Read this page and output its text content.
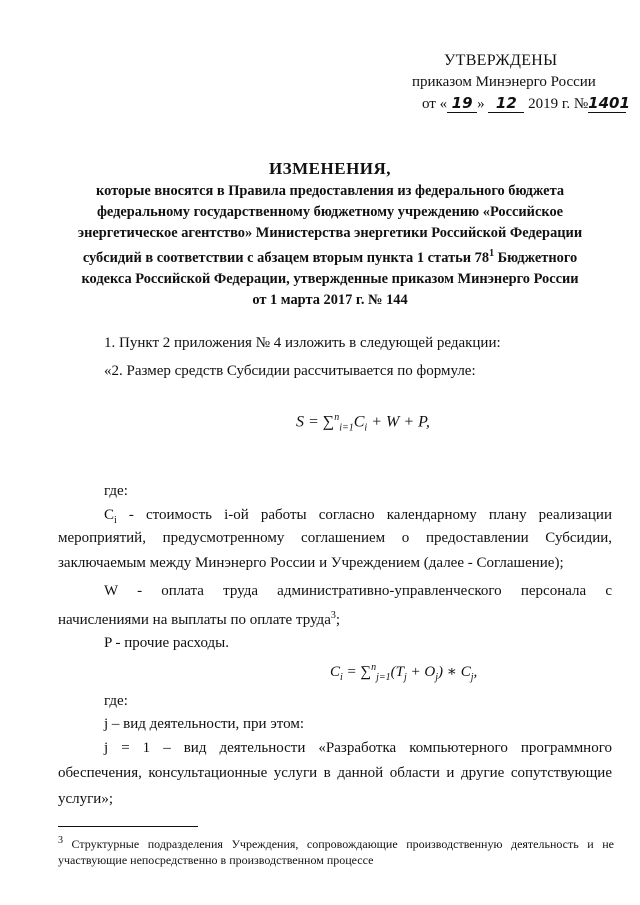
УТВЕРЖДЕНЫ
приказом Минэнерго России
от « 19 » 12 2019 г. №1401
ИЗМЕНЕНИЯ,
которые вносятся в Правила предоставления из федерального бюджета
федеральному государственному бюджетному учреждению «Российское
энергетическое агентство» Министерства энергетики Российской Федерации
субсидий в соответствии с абзацем вторым пункта 1 статьи $78^1$ Бюджетного
кодекса Российской Федерации, утвержденные приказом Минэнерго России
от 1 марта 2017 г. № 144
1. Пункт 2 приложения № 4 изложить в следующей редакции:
«2. Размер средств Субсидии рассчитывается по формуле:
$S = \sum^n_{i=1}C_i + W + P$,
где:
$C_i$ - стоимость i-ой работы согласно календарному плану реализации
мероприятий, предусмотренному соглашением о предоставлении Субсидии,
заключаемым между Минэнерго России и Учреждением (далее - Соглашение);
W - оплата труда административно-управленческого персонала с
начислениями на выплаты по оплате труда$^3$;
P - прочие расходы.
$C_i = \sum^n_{j=1}(T_j + O_j)$ ∗ $C_j$,
где:
j – вид деятельности, при этом:
j = 1 – вид деятельности «Разработка компьютерного программного
обеспечения, консультационные услуги в данной области и другие сопутствующие
услуги»;
$^3$ Структурные подразделения Учреждения, сопровождающие производственную деятельность и не участвующие непосредственно в производственном процессе
